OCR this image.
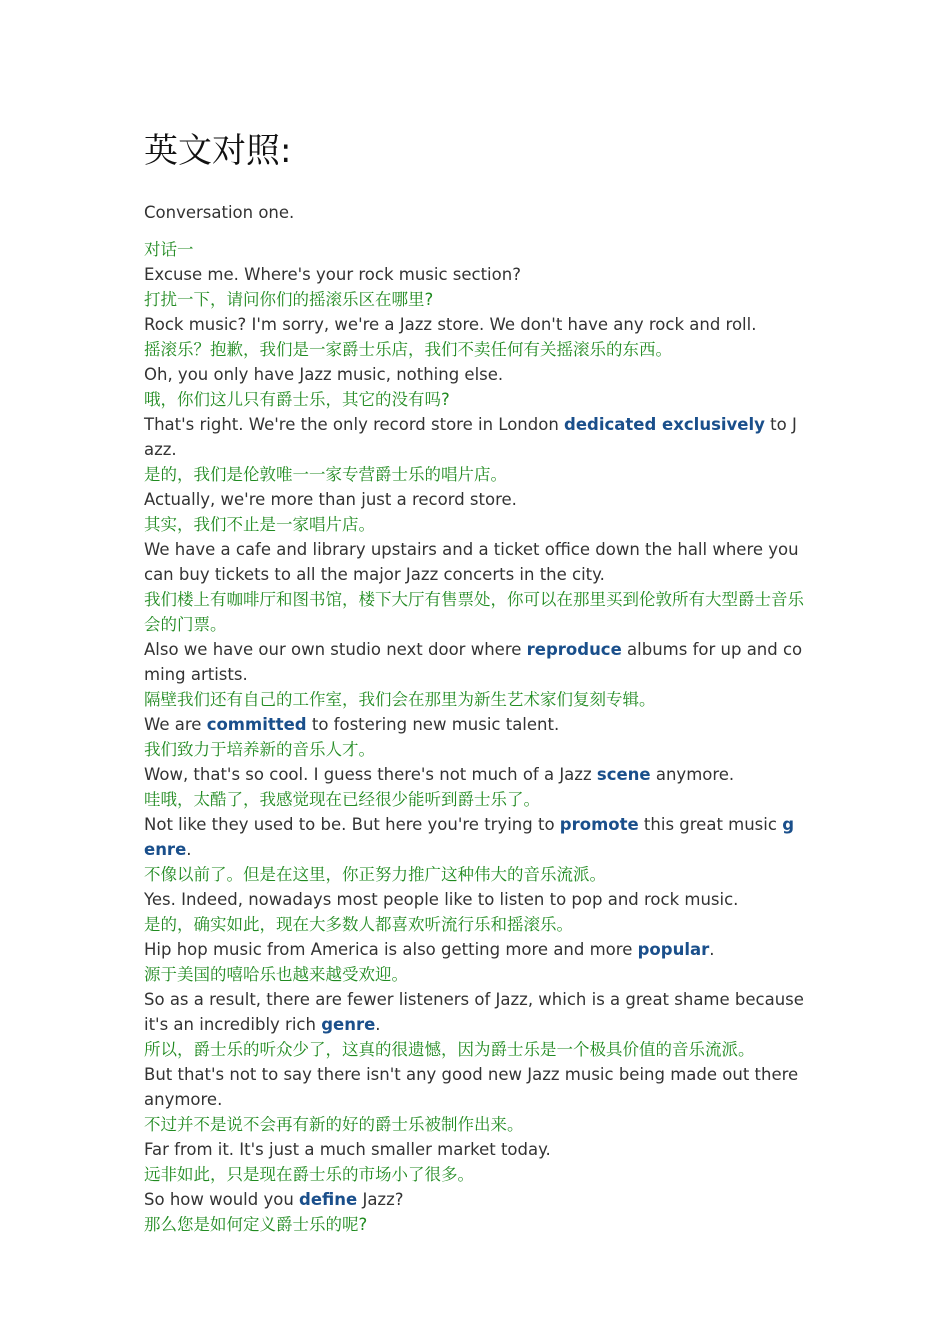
英文对照:

Conversation one.

对话一

Excuse me. Where's your rock music section?

打扰一下，请问你们的摇滚乐区在哪里?

Rock music? I'm sorry, we're a Jazz store. We don't have any rock and roll.

摇滚乐？抱歉，我们是一家爵士乐店，我们不卖任何有关摇滚乐的东西。

Oh, you only have Jazz music, nothing else.

哦，你们这儿只有爵士乐，其它的没有吗?

That's right. We're the only record store in London dedicated exclusively to Jazz.

是的，我们是伦敦唯一一家专营爵士乐的唱片店。

Actually, we're more than just a record store.

其实，我们不止是一家唱片店。

We have a cafe and library upstairs and a ticket office down the hall where you can buy tickets to all the major Jazz concerts in the city.

我们楼上有咖啡厅和图书馆，楼下大厅有售票处，你可以在那里买到伦敦所有大型爵士音乐会的门票。

Also we have our own studio next door where reproduce albums for up and coming artists.

隔壁我们还有自己的工作室，我们会在那里为新生艺术家们复刻专辑。

We are committed to fostering new music talent.

我们致力于培养新的音乐人才。

Wow, that's so cool. I guess there's not much of a Jazz scene anymore.

哇哦，太酷了，我感觉现在已经很少能听到爵士乐了。

Not like they used to be. But here you're trying to promote this great music genre.

不像以前了。但是在这里，你正努力推广这种伟大的音乐流派。

Yes. Indeed, nowadays most people like to listen to pop and rock music.

是的，确实如此，现在大多数人都喜欢听流行乐和摇滚乐。

Hip hop music from America is also getting more and more popular.

源于美国的嘻哈乐也越来越受欢迎。

So as a result, there are fewer listeners of Jazz, which is a great shame because it's an incredibly rich genre.

所以，爵士乐的听众少了，这真的很遗憾，因为爵士乐是一个极具价值的音乐流派。

But that's not to say there isn't any good new Jazz music being made out there anymore.

不过并不是说不会再有新的好的爵士乐被制作出来。

Far from it. It's just a much smaller market today.

远非如此，只是现在爵士乐的市场小了很多。

So how would you define Jazz?

那么您是如何定义爵士乐的呢?
